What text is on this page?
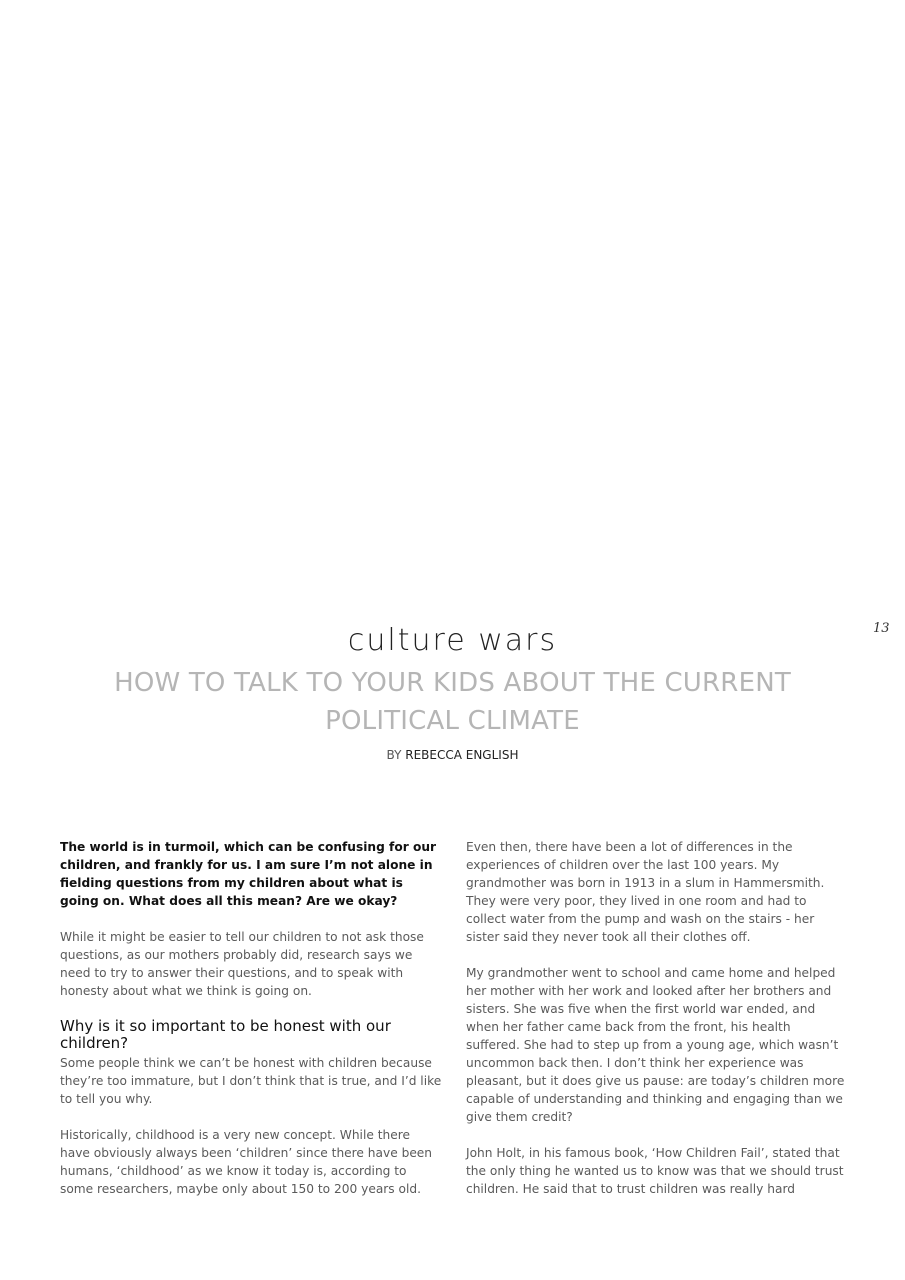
13
culture wars
HOW TO TALK TO YOUR KIDS ABOUT THE CURRENT POLITICAL CLIMATE
BY REBECCA ENGLISH

The world is in turmoil, which can be confusing for our children, and frankly for us. I am sure I’m not alone in fielding questions from my children about what is going on. What does all this mean? Are we okay?

While it might be easier to tell our children to not ask those questions, as our mothers probably did, research says we need to try to answer their questions, and to speak with honesty about what we think is going on.

Why is it so important to be honest with our children?

Some people think we can’t be honest with children because they’re too immature, but I don’t think that is true, and I’d like to tell you why.

Historically, childhood is a very new concept. While there have obviously always been ‘children’ since there have been humans, ‘childhood’ as we know it today is, according to some researchers, maybe only about 150 to 200 years old.

Even then, there have been a lot of differences in the experiences of children over the last 100 years. My grandmother was born in 1913 in a slum in Hammersmith. They were very poor, they lived in one room and had to collect water from the pump and wash on the stairs - her sister said they never took all their clothes off.

My grandmother went to school and came home and helped her mother with her work and looked after her brothers and sisters. She was five when the first world war ended, and when her father came back from the front, his health suffered. She had to step up from a young age, which wasn’t uncommon back then. I don’t think her experience was pleasant, but it does give us pause: are today’s children more capable of understanding and thinking and engaging than we give them credit?

John Holt, in his famous book, ‘How Children Fail’, stated that the only thing he wanted us to know was that we should trust children. He said that to trust children was really hard
